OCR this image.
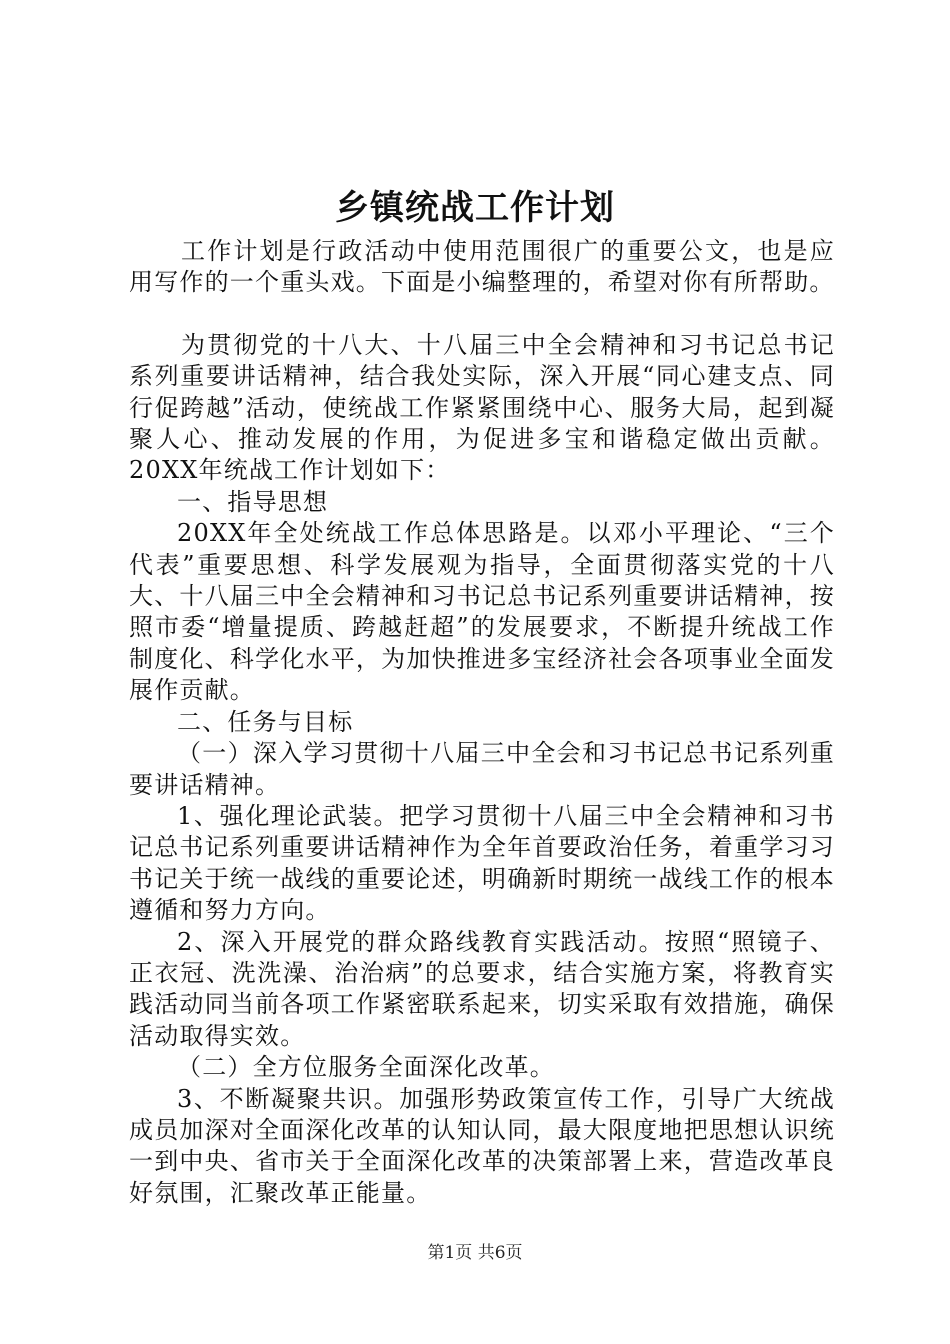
乡镇统战工作计划

工作计划是行政活动中使用范围很广的重要公文，也是应用写作的一个重头戏。下面是小编整理的，希望对你有所帮助。

为贯彻党的十八大、十八届三中全会精神和习书记总书记系列重要讲话精神，结合我处实际，深入开展“同心建支点、同行促跨越”活动，使统战工作紧紧围绕中心、服务大局，起到凝聚人心、推动发展的作用，为促进多宝和谐稳定做出贡献。20XX年统战工作计划如下：

一、指导思想

20XX年全处统战工作总体思路是。以邓小平理论、“三个代表”重要思想、科学发展观为指导，全面贯彻落实党的十八大、十八届三中全会精神和习书记总书记系列重要讲话精神，按照市委“增量提质、跨越赶超”的发展要求，不断提升统战工作制度化、科学化水平，为加快推进多宝经济社会各项事业全面发展作贡献。

二、任务与目标

（一）深入学习贯彻十八届三中全会和习书记总书记系列重要讲话精神。

1、强化理论武装。把学习贯彻十八届三中全会精神和习书记总书记系列重要讲话精神作为全年首要政治任务，着重学习习书记关于统一战线的重要论述，明确新时期统一战线工作的根本遵循和努力方向。

2、深入开展党的群众路线教育实践活动。按照“照镜子、正衣冠、洗洗澡、治治病”的总要求，结合实施方案，将教育实践活动同当前各项工作紧密联系起来，切实采取有效措施，确保活动取得实效。

（二）全方位服务全面深化改革。

3、不断凝聚共识。加强形势政策宣传工作，引导广大统战成员加深对全面深化改革的认知认同，最大限度地把思想认识统一到中央、省市关于全面深化改革的决策部署上来，营造改革良好氛围，汇聚改革正能量。

第1页 共6页
